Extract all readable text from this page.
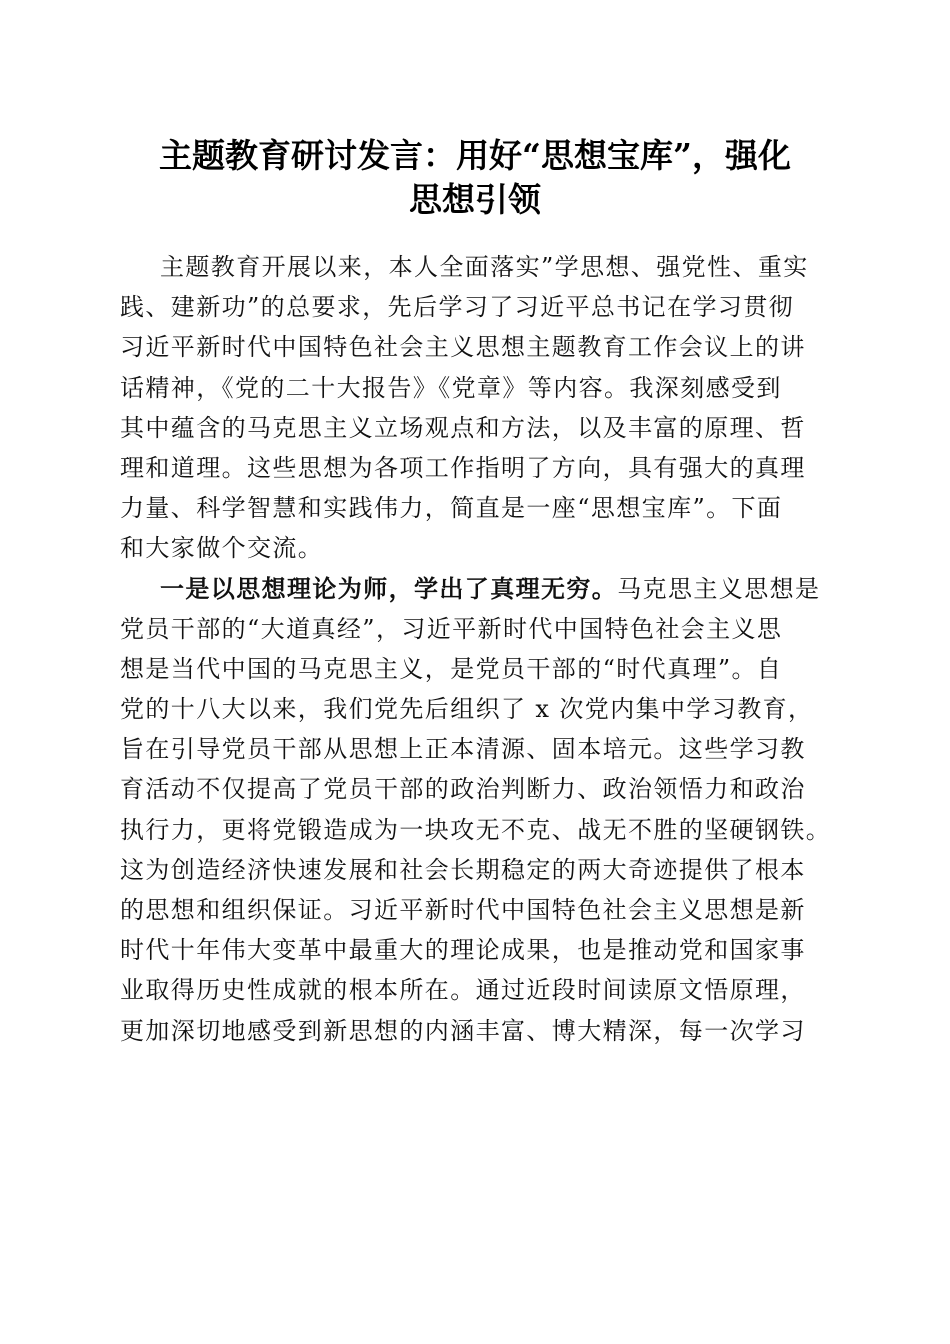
主题教育研讨发言：用好“思想宝库”，强化
思想引领
主题教育开展以来，本人全面落实”学思想、强党性、重实
践、建新功”的总要求，先后学习了习近平总书记在学习贯彻
习近平新时代中国特色社会主义思想主题教育工作会议上的讲
话精神，《党的二十大报告》《党章》等内容。我深刻感受到
其中蕴含的马克思主义立场观点和方法，以及丰富的原理、哲
理和道理。这些思想为各项工作指明了方向，具有强大的真理
力量、科学智慧和实践伟力，简直是一座“思想宝库”。下面
和大家做个交流。
一是以思想理论为师，学出了真理无穷。马克思主义思想是
党员干部的“大道真经”，习近平新时代中国特色社会主义思
想是当代中国的马克思主义，是党员干部的“时代真理”。自
党的十八大以来，我们党先后组织了 x 次党内集中学习教育，
旨在引导党员干部从思想上正本清源、固本培元。这些学习教
育活动不仅提高了党员干部的政治判断力、政治领悟力和政治
执行力，更将党锻造成为一块攻无不克、战无不胜的坚硬钢铁。
这为创造经济快速发展和社会长期稳定的两大奇迹提供了根本
的思想和组织保证。习近平新时代中国特色社会主义思想是新
时代十年伟大变革中最重大的理论成果，也是推动党和国家事
业取得历史性成就的根本所在。通过近段时间读原文悟原理，
更加深切地感受到新思想的内涵丰富、博大精深，每一次学习
